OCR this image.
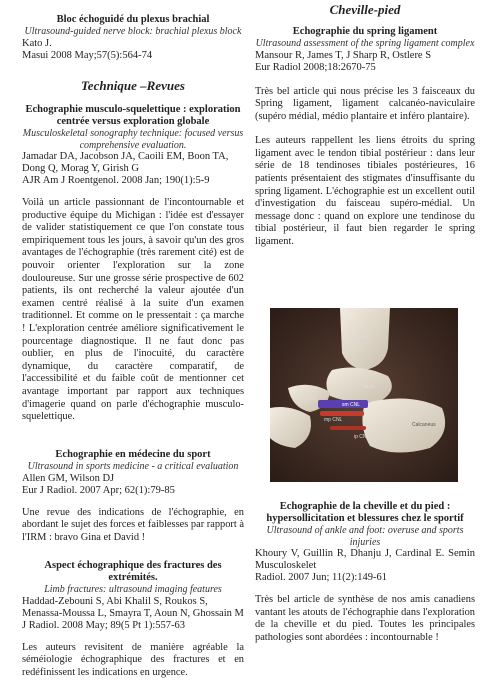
Bloc échoguidé du plexus brachial

Ultrasound-guided nerve block: brachial plexus block

Kato J.

Masui 2008 May;57(5):564-74

Technique –Revues

Echographie musculo-squelettique : exploration centrée versus exploration globale

Musculoskeletal sonography technique: focused versus comprehensive evaluation.

Jamadar DA, Jacobson JA, Caoili EM, Boon TA, Dong Q, Morag Y, Girish G

AJR Am J Roentgenol. 2008 Jan; 190(1):5-9

Voilà un article passionnant de l'incontournable et productive équipe du Michigan : l'idée est d'essayer de valider statistiquement ce que l'on constate tous empiriquement tous les jours, à savoir qu'un des gros avantages de l'échographie (très rarement cité) est de pouvoir orienter l'exploration sur la zone douloureuse. Sur une grosse série prospective de 602 patients, ils ont recherché la valeur ajoutée d'un examen centré réalisé à la suite d'un examen traditionnel. Et comme on le pressentait : ça marche ! L'exploration centrée améliore significativement le pourcentage diagnostique. Il ne faut donc pas oublier, en plus de l'inocuité, du caractère dynamique, du caractère comparatif, de l'accessibilité et du faible coût de mentionner cet avantage important par rapport aux techniques d'imagerie quand on parle d'échographie musculo-squelettique.

Echographie en médecine du sport

Ultrasound in sports medicine - a critical evaluation

Allen GM, Wilson DJ

Eur J Radiol. 2007 Apr; 62(1):79-85

Une revue des indications de l'échographie, en abordant le sujet des forces et faiblesses par rapport à l'IRM : bravo Gina et David !

Aspect échographique des fractures des extrémités.

Limb fractures: ultrasound imaging features

Haddad-Zebouni S, Abi Khalil S, Roukos S, Menassa-Moussa L, Smayra T, Aoun N, Ghossain M

J Radiol. 2008 May; 89(5 Pt 1):557-63

Les auteurs revisitent de manière agréable la séméiologie échographique des fractures et en redéfinissent les indications en urgence.

Cheville-pied

Echographie du spring ligament

Ultrasound assessment of the spring ligament complex

Mansour R, James T, J Sharp R, Ostlere S

Eur Radiol 2008;18:2670-75

Très bel article qui nous précise les 3 faisceaux du Spring ligament, ligament calcanéo-naviculaire (supéro médial, médio plantaire et inféro plantaire).

Les auteurs rappellent les liens étroits du spring ligament avec le tendon tibial postérieur : dans leur série de 18 tendinoses tibiales postérieures, 16 patients présentaient des stigmates d'insuffisante du spring ligament. L'échographie est un excellent outil d'investigation du faisceau supéro-médial. Un message donc : quand on explore une tendinose du tibial postérieur, il faut bien regarder le spring ligament.

Tibia
Talus
Navicular
sm CNL
mp CNL
Calcaneus
ip CNL

Echographie de la cheville et du pied : hypersollicitation et blessures chez le sportif

Ultrasound of ankle and foot: overuse and sports injuries

Khoury V, Guillin R, Dhanju J, Cardinal E. Semin Musculoskelet

Radiol. 2007 Jun; 11(2):149-61

Très bel article de synthèse de nos amis canadiens vantant les atouts de l'échographie dans l'exploration de la cheville et du pied. Toutes les principales pathologies sont abordées : incontournable !
